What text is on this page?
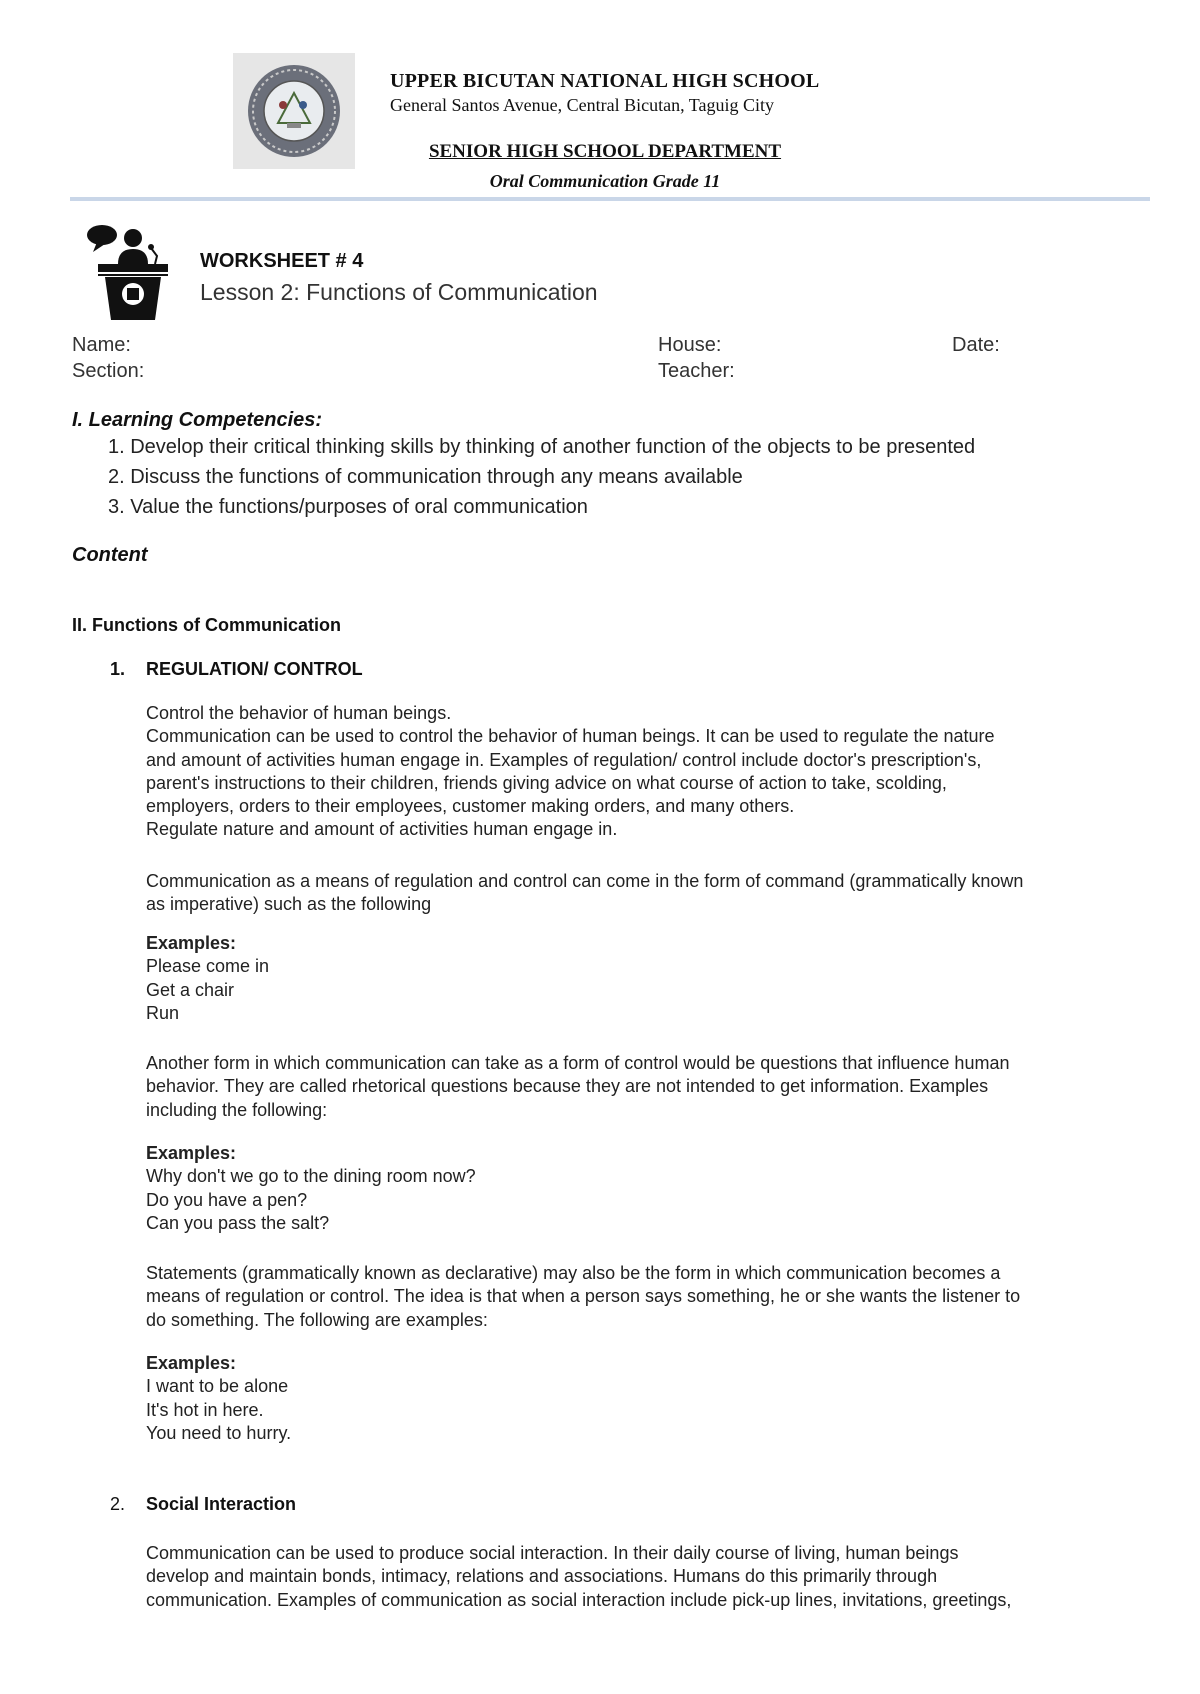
UPPER BICUTAN NATIONAL HIGH SCHOOL
General Santos Avenue, Central Bicutan, Taguig City
SENIOR HIGH SCHOOL DEPARTMENT
Oral Communication Grade 11
WORKSHEET # 4
Lesson 2: Functions of Communication
Name:	House:	Date:
Section:	Teacher:
I. Learning Competencies:
1. Develop their critical thinking skills by thinking of another function of the objects to be presented
2. Discuss the functions of communication through any means available
3. Value the functions/purposes of oral communication
Content
II. Functions of Communication
1. REGULATION/ CONTROL
Control the behavior of human beings.
Communication can be used to control the behavior of human beings. It can be used to regulate the nature
and amount of activities human engage in. Examples of regulation/ control include doctor's prescription's,
parent's instructions to their children, friends giving advice on what course of action to take, scolding,
employers, orders to their employees, customer making orders, and many others.
Regulate nature and amount of activities human engage in.
Communication as a means of regulation and control can come in the form of command (grammatically known
as imperative) such as the following
Examples:
Please come in
Get a chair
Run
Another form in which communication can take as a form of control would be questions that influence human
behavior. They are called rhetorical questions because they are not intended to get information. Examples
including the following:
Examples:
Why don't we go to the dining room now?
Do you have a pen?
Can you pass the salt?
Statements (grammatically known as declarative) may also be the form in which communication becomes a
means of regulation or control. The idea is that when a person says something, he or she wants the listener to
do something. The following are examples:
Examples:
I want to be alone
It's hot in here.
You need to hurry.
2. Social Interaction
Communication can be used to produce social interaction. In their daily course of living, human beings
develop and maintain bonds, intimacy, relations and associations. Humans do this primarily through
communication. Examples of communication as social interaction include pick-up lines, invitations, greetings,
